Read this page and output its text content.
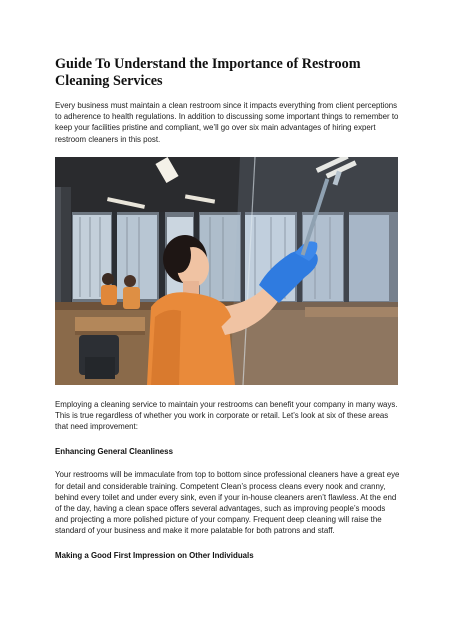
Guide To Understand the Importance of Restroom Cleaning Services

Every business must maintain a clean restroom since it impacts everything from client perceptions to adherence to health regulations. In addition to discussing some important things to remember to keep your facilities pristine and compliant, we’ll go over six main advantages of hiring expert restroom cleaners in this post.

Employing a cleaning service to maintain your restrooms can benefit your company in many ways. This is true regardless of whether you work in corporate or retail. Let’s look at six of these areas that need improvement:

Enhancing General Cleanliness

Your restrooms will be immaculate from top to bottom since professional cleaners have a great eye for detail and considerable training. Competent Clean’s process cleans every nook and cranny, behind every toilet and under every sink, even if your in-house cleaners aren’t flawless. At the end of the day, having a clean space offers several advantages, such as improving people’s moods and projecting a more polished picture of your company. Frequent deep cleaning will raise the standard of your business and make it more palatable for both patrons and staff.

Making a Good First Impression on Other Individuals
